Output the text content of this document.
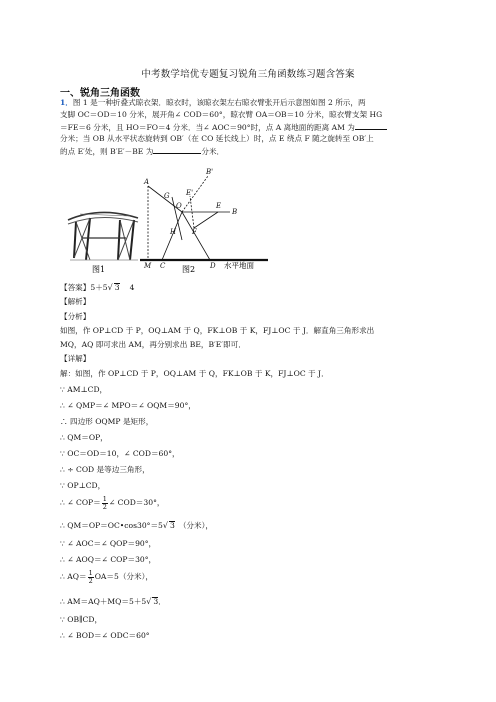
中考数学培优专题复习锐角三角函数练习题含答案
一、锐角三角函数
1．图 1 是一种折叠式晾衣架．晾衣时，该晾衣架左右晾衣臂张开后示意图如图 2 所示，两
支脚 OC＝OD＝10 分米，展开角∠ COD＝60°，晾衣臂 OA＝OB＝10 分米，晾衣臂支架 HG
＝FE＝6 分米，且 HO＝FO＝4 分米．当∠ AOC＝90°时，点 A 离地面的距离 AM 为
分米；当 OB 从水平状态旋转到 OB′（在 CO 延长线上）时，点 E 绕点 F 随之旋转至 OB′上
的点 E′处，则 B′E′－BE 为	分米．
图1
A
G
B'
E'
O	E
B
H F
M C	D 水平地面
图2
【答案】5＋5√ 3 4
【解析】
【分析】
如图，作 OP⊥CD 于 P，OQ⊥AM 于 Q，FK⊥OB 于 K，FJ⊥OC 于 J．解直角三角形求出
MQ，AQ 即可求出 AM，再分别求出 BE，B′E′即可．
【详解】
解：如图，作 OP⊥CD 于 P，OQ⊥AM 于 Q，FK⊥OB 于 K，FJ⊥OC 于 J．
∵ AM⊥CD，
∴ ∠ QMP＝∠ MPO＝∠ OQM＝90°，
∴ 四边形 OQMP 是矩形，
∴ QM＝OP，
∵ OC＝OD＝10，∠ COD＝60°，
∴ ÷ COD 是等边三角形，
∵ OP⊥CD，
∴ ∠ $COP= \frac{1}{2}$ ∠ COD＝30°，
∴ QM＝OP＝OC•cos30°＝5√ 3 （分米），
∵ ∠ AOC＝∠ QOP＝90°，
∴ ∠ AOQ＝∠ COP＝30°，
∴ $AQ= \frac{1}{2} OA=5$（分米），
∴ AM＝AQ＋MQ＝5＋5√ 3．
∵ OB∥CD，
∴ ∠ BOD＝∠ ODC＝60°
